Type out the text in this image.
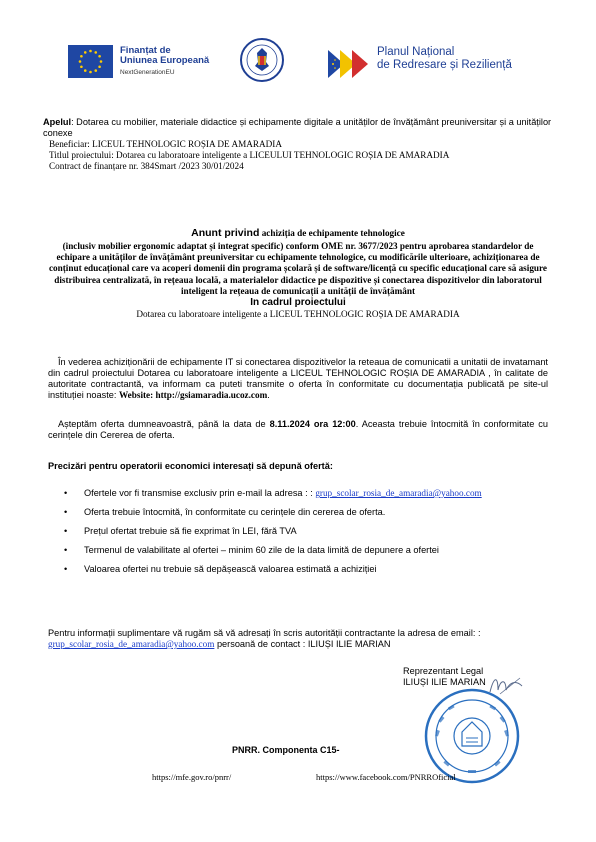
Finanțat de
Uniunea Europeană
NextGenerationEU
Planul Național
de Redresare și Reziliență
Apelul: Dotarea cu mobilier, materiale didactice și echipamente digitale a unităților de învățământ preuniversitar și a unităților conexe
Beneficiar: LICEUL TEHNOLOGIC ROȘIA DE AMARADIA
Titlul proiectului: Dotarea cu laboratoare inteligente a LICEULUI TEHNOLOGIC ROȘIA DE AMARADIA
Contract de finanțare nr. 384Smart /2023 30/01/2024
Anunt privind achiziția de echipamente tehnologice
(inclusiv mobilier ergonomic adaptat și integrat specific) conform OME nr. 3677/2023 pentru aprobarea standardelor de echipare a unităților de învățământ preuniversitar cu echipamente tehnologice, cu modificările ulterioare, achiziționarea de conținut educațional care va acoperi domenii din programa școlară și de software/licență cu specific educațional care să asigure distribuirea centralizată, în rețeaua locală, a materialelor didactice pe dispozitive și conectarea dispozitivelor din laboratorul inteligent la rețeaua de comunicații a unității de învățământ
In cadrul proiectului
Dotarea cu laboratoare inteligente a LICEUL TEHNOLOGIC ROȘIA DE AMARADIA
În vederea achiziționării de echipamente IT si conectarea dispozitivelor la reteaua de comunicatii a unitatii de invatamant din cadrul proiectului Dotarea cu laboratoare inteligente a LICEUL TEHNOLOGIC ROȘIA DE AMARADIA , în calitate de autoritate contractantă, va informam ca puteti transmite o oferta în conformitate cu documentația publicată pe site-ul instituției noaste: Website: http://gsiamaradia.ucoz.com.
Așteptăm oferta dumneavoastră, până la data de 8.11.2024 ora 12:00. Aceasta trebuie întocmită în conformitate cu cerințele din Cererea de oferta.
Precizări pentru operatorii economici interesați să depună ofertă:
• Ofertele vor fi transmise exclusiv prin e-mail la adresa : : grup_scolar_rosia_de_amaradia@yahoo.com
• Oferta trebuie întocmită, în conformitate cu cerințele din cererea de oferta.
• Prețul ofertat trebuie să fie exprimat în LEI, fără TVA
• Termenul de valabilitate al ofertei – minim 60 zile de la data limită de depunere a ofertei
• Valoarea ofertei nu trebuie să depășească valoarea estimată a achiziției
Pentru informații suplimentare vă rugăm să vă adresați în scris autorității contractante la adresa de email: :
grup_scolar_rosia_de_amaradia@yahoo.com persoană de contact : ILIUȘI ILIE MARIAN
Reprezentant Legal
ILIUȘI ILIE MARIAN
PNRR. Componenta C15-
https://mfe.gov.ro/pnrr/	https://www.facebook.com/PNRROficial
